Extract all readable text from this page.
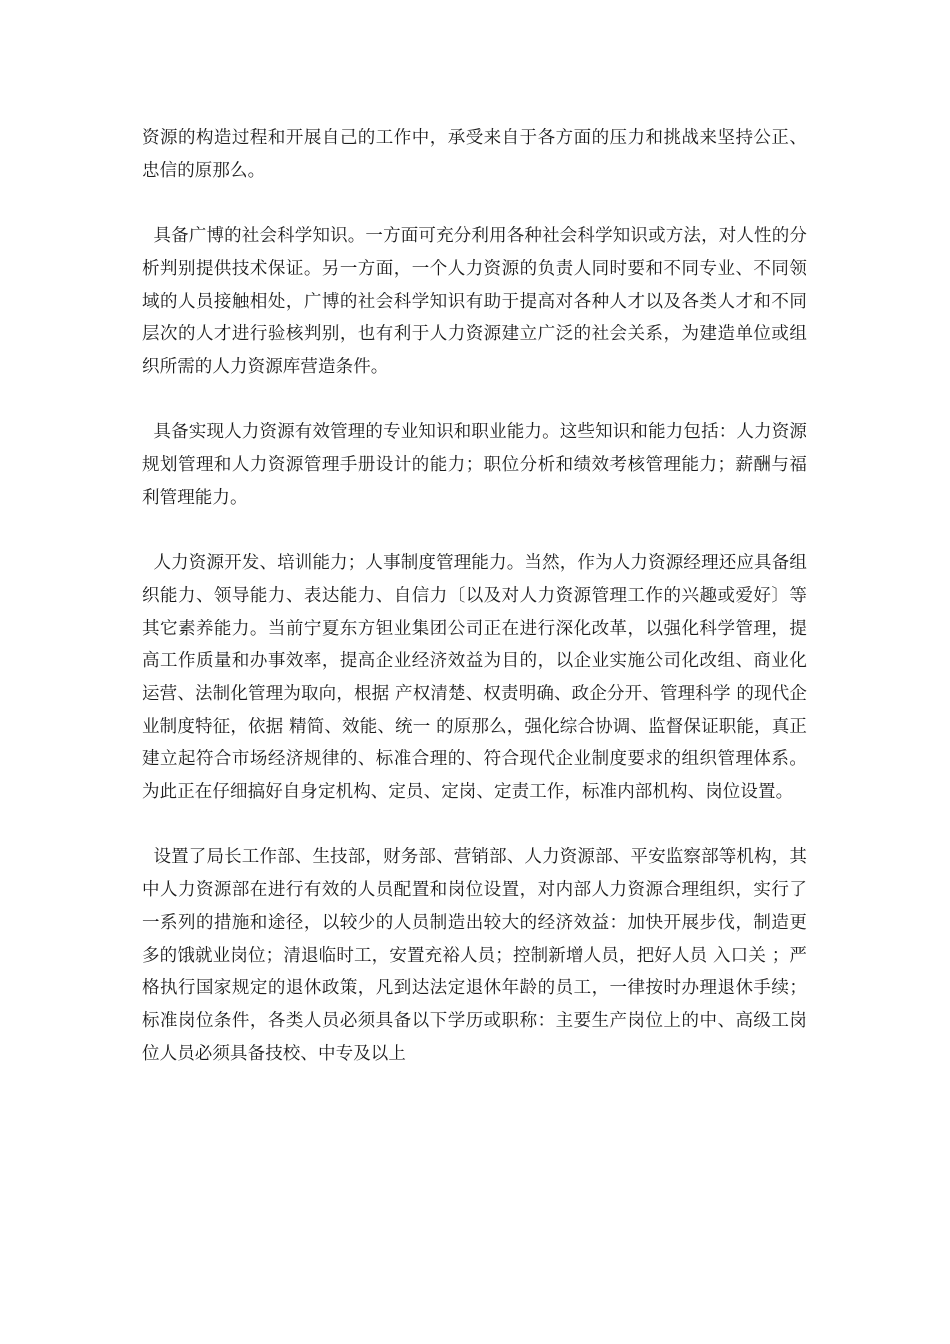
资源的构造过程和开展自己的工作中，承受来自于各方面的压力和挑战来坚持公正、忠信的原那么。

具备广博的社会科学知识。一方面可充分利用各种社会科学知识或方法，对人性的分析判别提供技术保证。另一方面，一个人力资源的负责人同时要和不同专业、不同领域的人员接触相处，广博的社会科学知识有助于提高对各种人才以及各类人才和不同层次的人才进行验核判别，也有利于人力资源建立广泛的社会关系，为建造单位或组织所需的人力资源库营造条件。

具备实现人力资源有效管理的专业知识和职业能力。这些知识和能力包括：人力资源规划管理和人力资源管理手册设计的能力；职位分析和绩效考核管理能力；薪酬与福利管理能力。

人力资源开发、培训能力；人事制度管理能力。当然，作为人力资源经理还应具备组织能力、领导能力、表达能力、自信力〔以及对人力资源管理工作的兴趣或爱好〕等其它素养能力。当前宁夏东方钽业集团公司正在进行深化改革，以强化科学管理，提高工作质量和办事效率，提高企业经济效益为目的，以企业实施公司化改组、商业化运营、法制化管理为取向，根据 产权清楚、权责明确、政企分开、管理科学 的现代企业制度特征，依据 精简、效能、统一 的原那么，强化综合协调、监督保证职能，真正建立起符合市场经济规律的、标准合理的、符合现代企业制度要求的组织管理体系。为此正在仔细搞好自身定机构、定员、定岗、定责工作，标准内部机构、岗位设置。

设置了局长工作部、生技部，财务部、营销部、人力资源部、平安监察部等机构，其中人力资源部在进行有效的人员配置和岗位设置，对内部人力资源合理组织，实行了一系列的措施和途径，以较少的人员制造出较大的经济效益：加快开展步伐，制造更多的饿就业岗位；清退临时工，安置充裕人员；控制新增人员，把好人员 入口关 ；严格执行国家规定的退休政策，凡到达法定退休年龄的员工，一律按时办理退休手续；标准岗位条件，各类人员必须具备以下学历或职称：主要生产岗位上的中、高级工岗位人员必须具备技校、中专及以上
